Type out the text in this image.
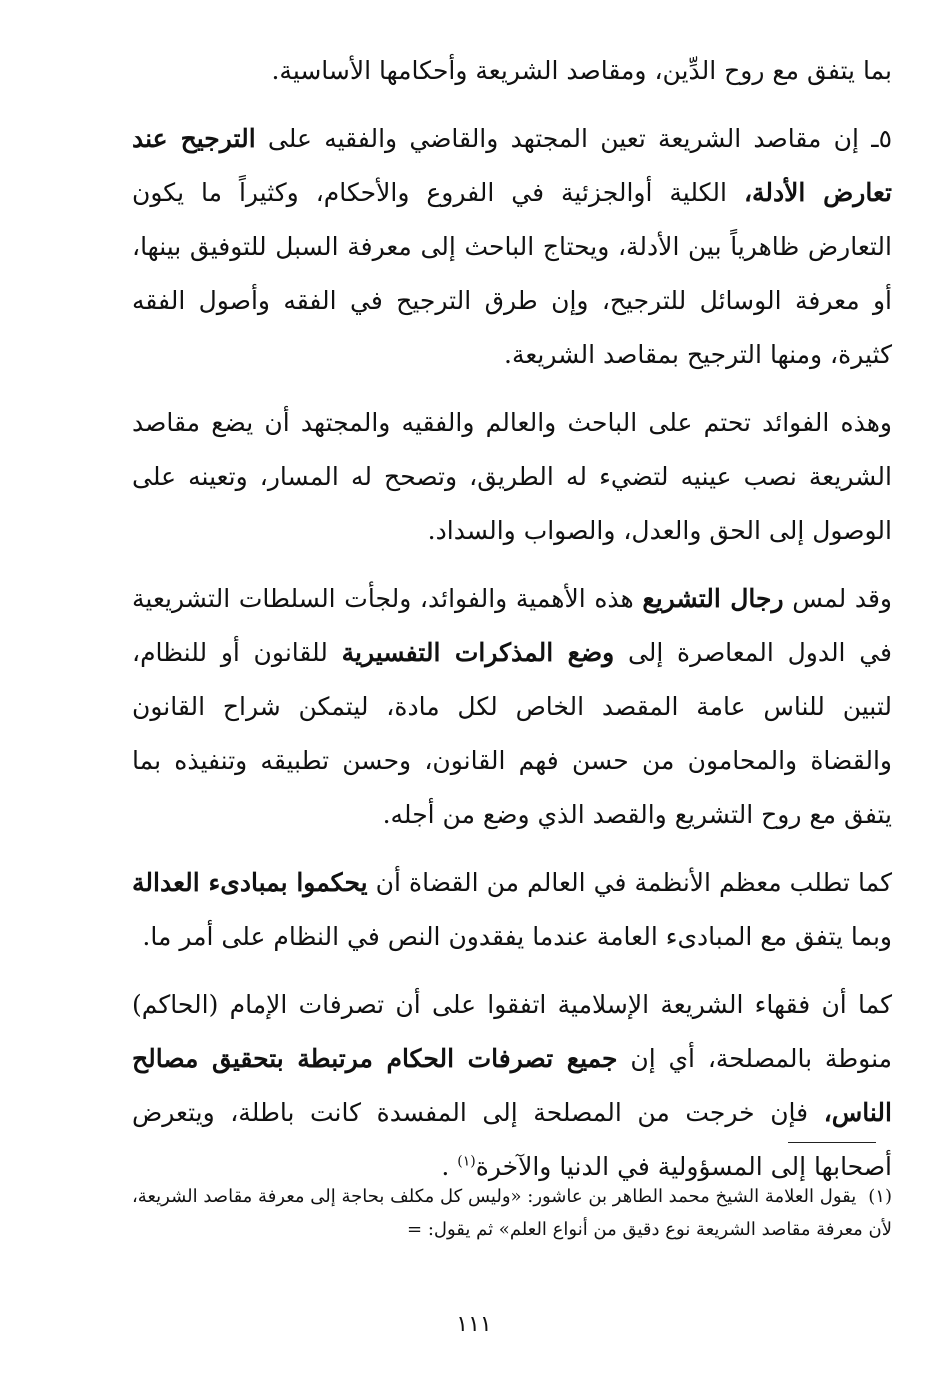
بما يتفق مع روح الدِّين، ومقاصد الشريعة وأحكامها الأساسية.

٥ـ إن مقاصد الشريعة تعين المجتهد والقاضي والفقيه على الترجيح عند تعارض الأدلة، الكلية أوالجزئية في الفروع والأحكام، وكثيراً ما يكون التعارض ظاهرياً بين الأدلة، ويحتاج الباحث إلى معرفة السبل للتوفيق بينها، أو معرفة الوسائل للترجيح، وإن طرق الترجيح في الفقه وأصول الفقه كثيرة، ومنها الترجيح بمقاصد الشريعة.

وهذه الفوائد تحتم على الباحث والعالم والفقيه والمجتهد أن يضع مقاصد الشريعة نصب عينيه لتضيء له الطريق، وتصحح له المسار، وتعينه على الوصول إلى الحق والعدل، والصواب والسداد.

وقد لمس رجال التشريع هذه الأهمية والفوائد، ولجأت السلطات التشريعية في الدول المعاصرة إلى وضع المذكرات التفسيرية للقانون أو للنظام، لتبين للناس عامة المقصد الخاص لكل مادة، ليتمكن شراح القانون والقضاة والمحامون من حسن فهم القانون، وحسن تطبيقه وتنفيذه بما يتفق مع روح التشريع والقصد الذي وضع من أجله.

كما تطلب معظم الأنظمة في العالم من القضاة أن يحكموا بمبادىء العدالة وبما يتفق مع المبادىء العامة عندما يفقدون النص في النظام على أمر ما.

كما أن فقهاء الشريعة الإسلامية اتفقوا على أن تصرفات الإمام (الحاكم) منوطة بالمصلحة، أي إن جميع تصرفات الحكام مرتبطة بتحقيق مصالح الناس، فإن خرجت من المصلحة إلى المفسدة كانت باطلة، ويتعرض أصحابها إلى المسؤولية في الدنيا والآخرة$^{(١)}$ .

(١)يقول العلامة الشيخ محمد الطاهر بن عاشور: «وليس كل مكلف بحاجة إلى معرفة مقاصد الشريعة، لأن معرفة مقاصد الشريعة نوع دقيق من أنواع العلم» ثم يقول: =
١١١
